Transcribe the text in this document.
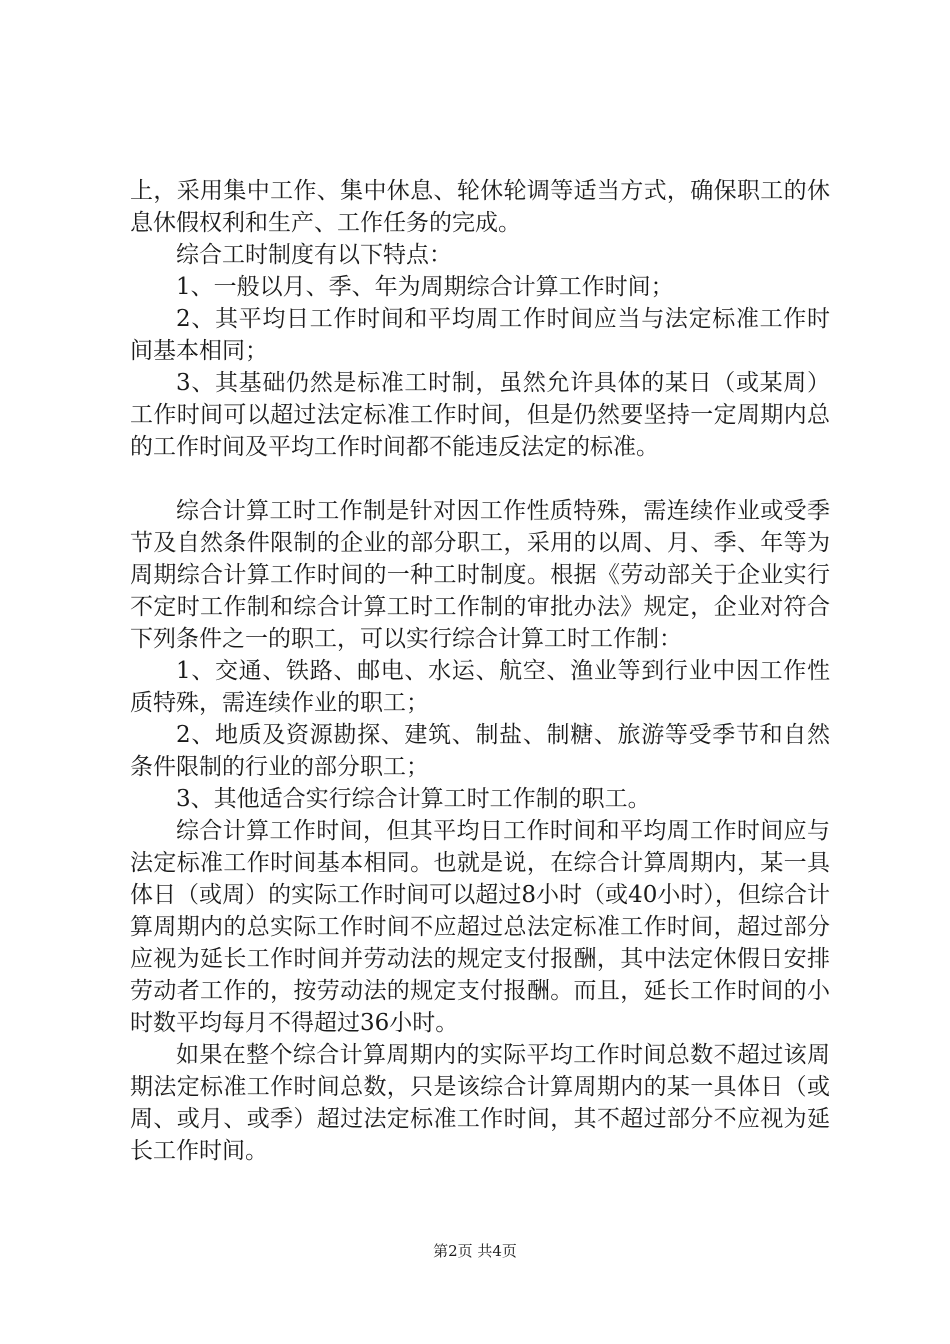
上，采用集中工作、集中休息、轮休轮调等适当方式，确保职工的休息休假权利和生产、工作任务的完成。

综合工时制度有以下特点：

1、一般以月、季、年为周期综合计算工作时间；

2、其平均日工作时间和平均周工作时间应当与法定标准工作时间基本相同；

3、其基础仍然是标准工时制，虽然允许具体的某日（或某周）工作时间可以超过法定标准工作时间，但是仍然要坚持一定周期内总的工作时间及平均工作时间都不能违反法定的标准。

综合计算工时工作制是针对因工作性质特殊，需连续作业或受季节及自然条件限制的企业的部分职工，采用的以周、月、季、年等为周期综合计算工作时间的一种工时制度。根据《劳动部关于企业实行不定时工作制和综合计算工时工作制的审批办法》规定，企业对符合下列条件之一的职工，可以实行综合计算工时工作制：

1、交通、铁路、邮电、水运、航空、渔业等到行业中因工作性质特殊，需连续作业的职工；

2、地质及资源勘探、建筑、制盐、制糖、旅游等受季节和自然条件限制的行业的部分职工；

3、其他适合实行综合计算工时工作制的职工。

综合计算工作时间，但其平均日工作时间和平均周工作时间应与法定标准工作时间基本相同。也就是说，在综合计算周期内，某一具体日（或周）的实际工作时间可以超过8小时（或40小时），但综合计算周期内的总实际工作时间不应超过总法定标准工作时间，超过部分应视为延长工作时间并劳动法的规定支付报酬，其中法定休假日安排劳动者工作的，按劳动法的规定支付报酬。而且，延长工作时间的小时数平均每月不得超过36小时。

如果在整个综合计算周期内的实际平均工作时间总数不超过该周期法定标准工作时间总数，只是该综合计算周期内的某一具体日（或周、或月、或季）超过法定标准工作时间，其不超过部分不应视为延长工作时间。

第2页 共4页
